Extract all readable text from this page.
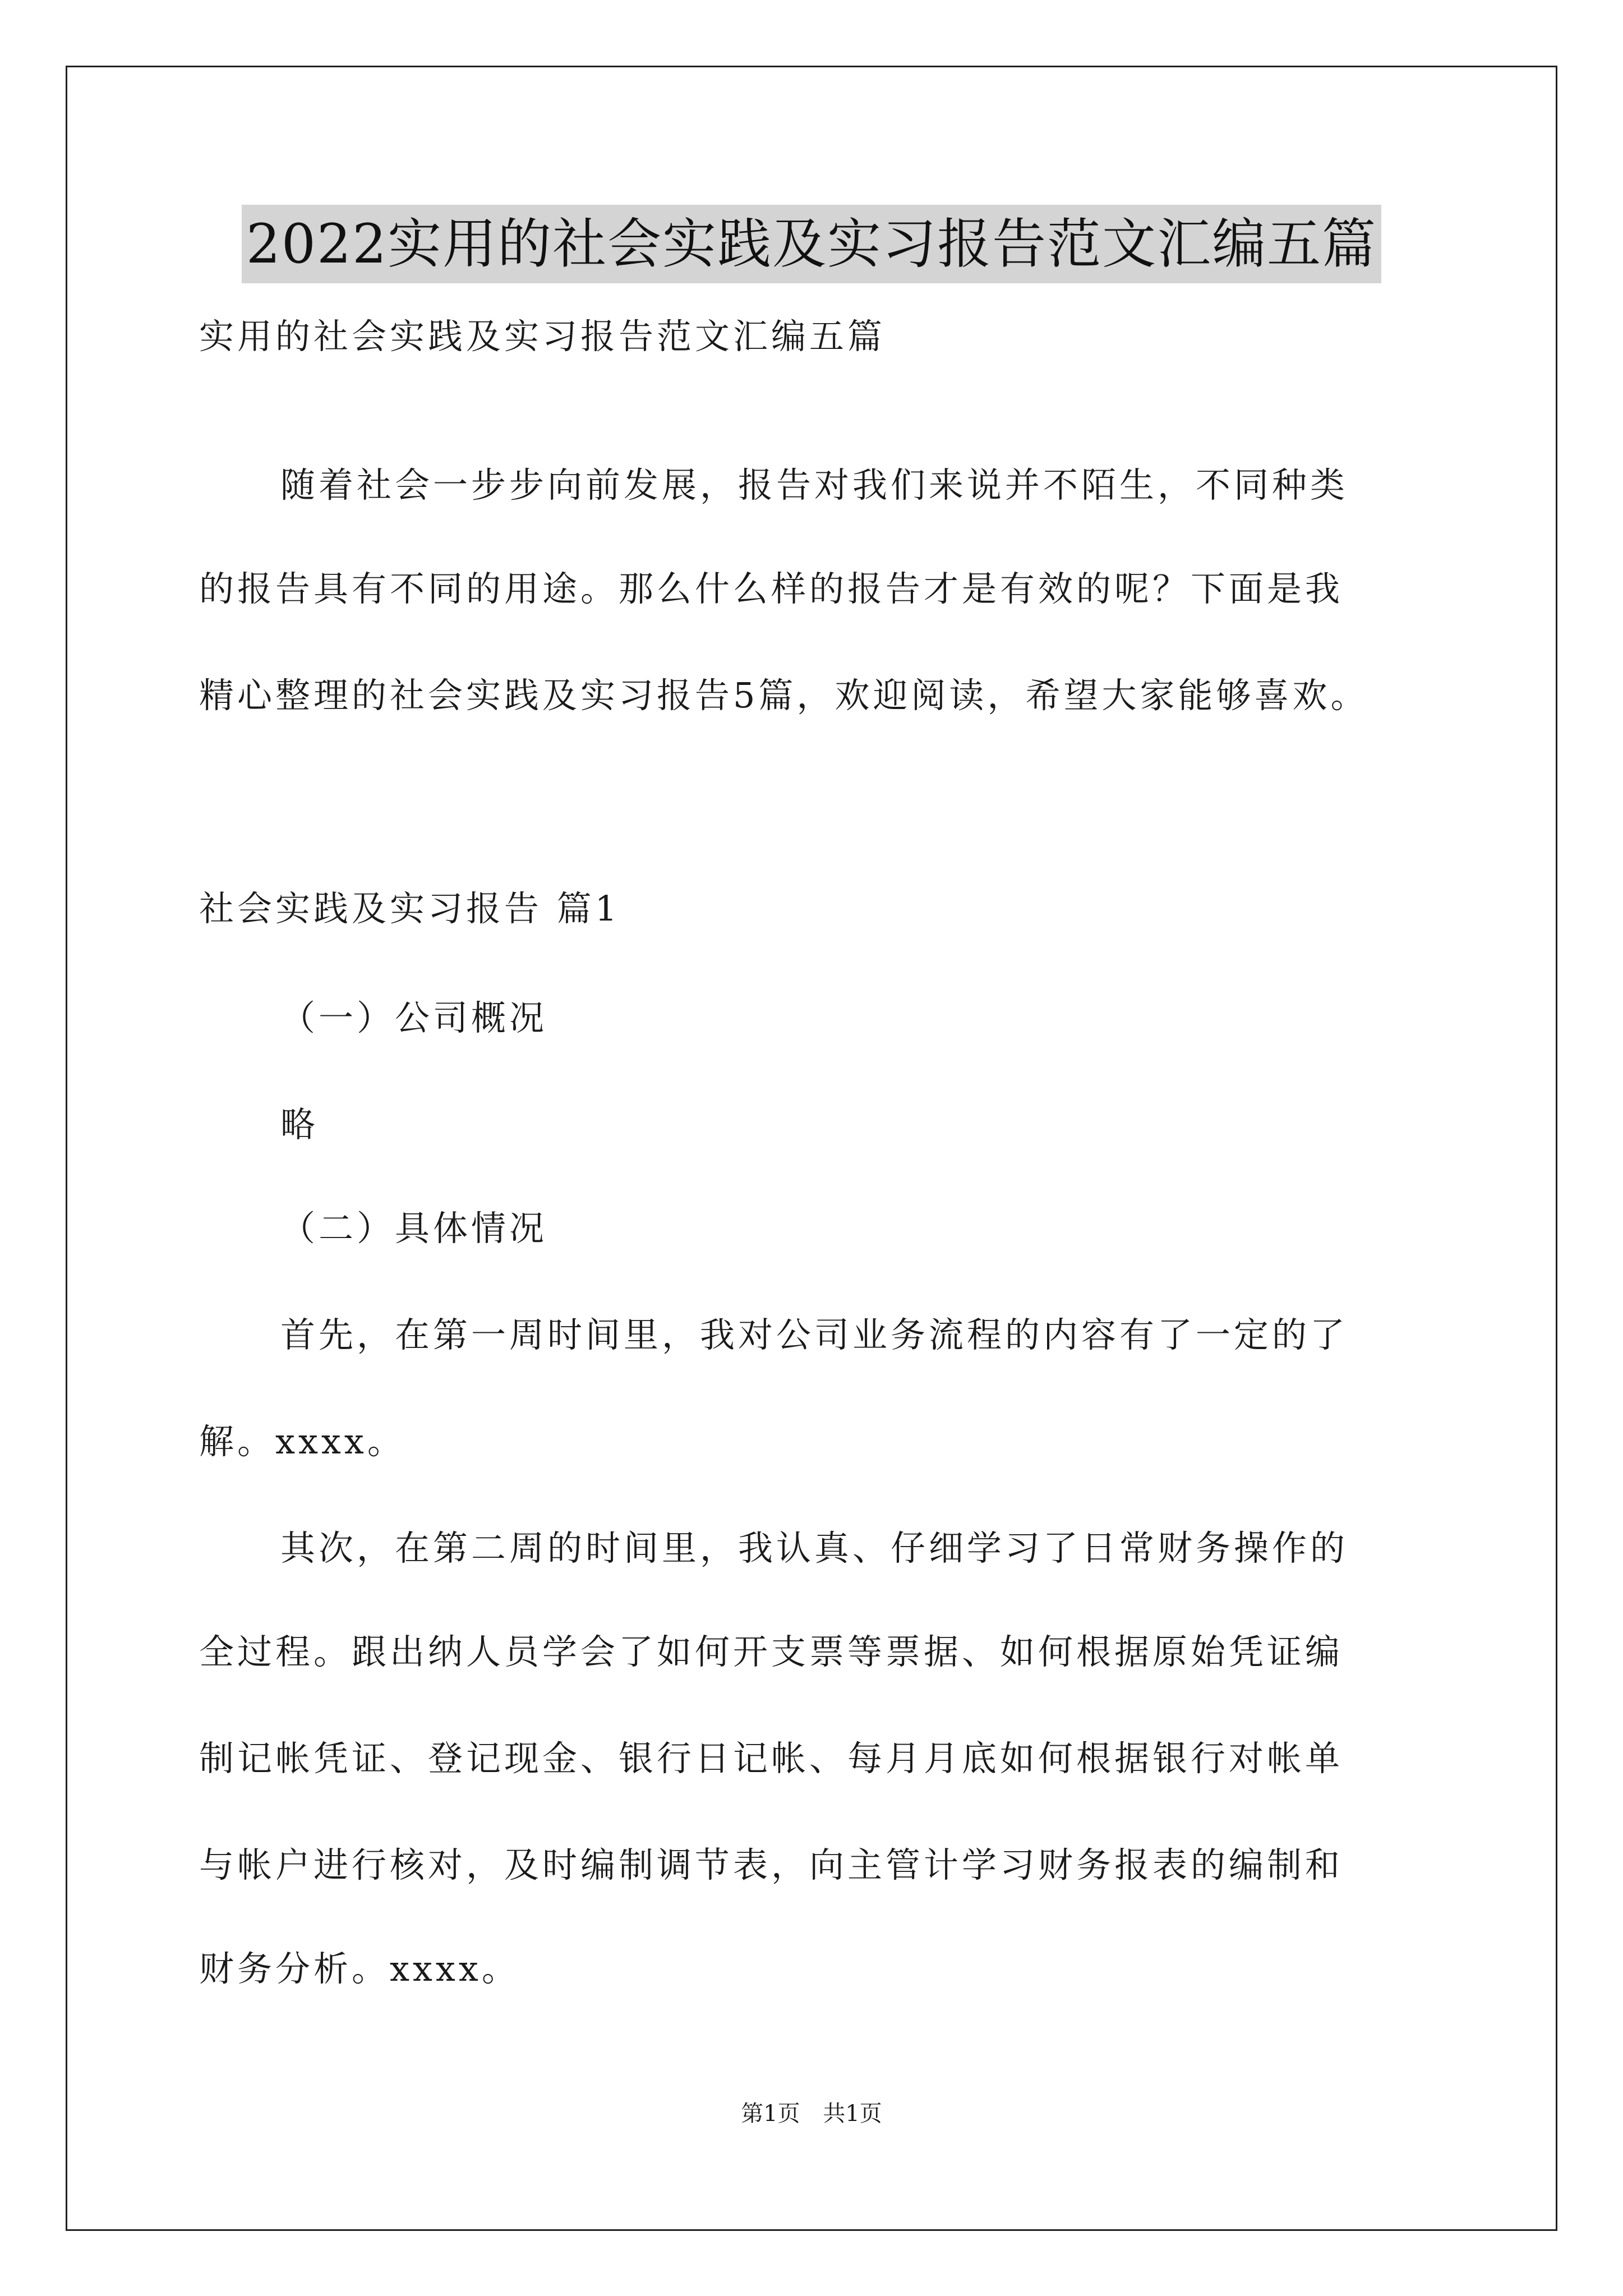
2022实用的社会实践及实习报告范文汇编五篇
实用的社会实践及实习报告范文汇编五篇
随着社会一步步向前发展，报告对我们来说并不陌生，不同种类
的报告具有不同的用途。那么什么样的报告才是有效的呢？下面是我
精心整理的社会实践及实习报告5篇，欢迎阅读，希望大家能够喜欢。
社会实践及实习报告 篇1
（一）公司概况
略
（二）具体情况
首先，在第一周时间里，我对公司业务流程的内容有了一定的了
解。xxxx。
其次，在第二周的时间里，我认真、仔细学习了日常财务操作的
全过程。跟出纳人员学会了如何开支票等票据、如何根据原始凭证编
制记帐凭证、登记现金、银行日记帐、每月月底如何根据银行对帐单
与帐户进行核对，及时编制调节表，向主管计学习财务报表的编制和
财务分析。xxxx。
第1页 共1页
